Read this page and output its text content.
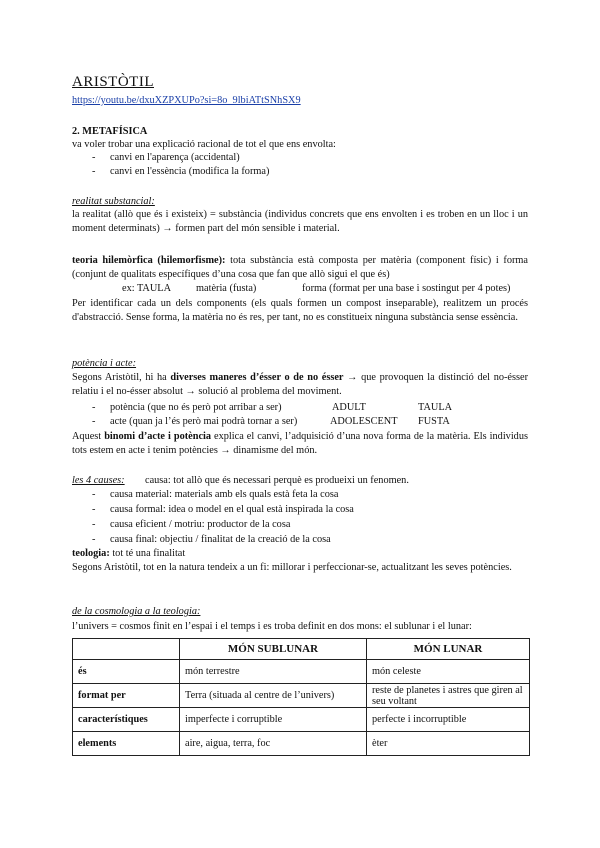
ARISTÒTIL
https://youtu.be/dxuXZPXUPo?si=8o_9lbiATtSNhSX9
2. METAFÍSICA
va voler trobar una explicació racional de tot el que ens envolta:
- canvi en l'aparença (accidental)
- canvi en l'essència (modifica la forma)
realitat substancial:
la realitat (allò que és i existeix) = substància (individus concrets que ens envolten i es troben en un lloc i un moment determinats) → formen part del món sensible i material.
teoria hilemòrfica (hilemorfisme): tota substància està composta per matèria (component físic) i forma (conjunt de qualitats específiques d’una cosa que fan que allò sigui el que és)
ex: TAULA matèria (fusta)	forma (format per una base i sostingut per 4 potes)
Per identificar cada un dels components (els quals formen un compost inseparable), realitzem un procés d'abstracció. Sense forma, la matèria no és res, per tant, no es constitueix ninguna substància sense essència.
potència i acte:
Segons Aristòtil, hi ha diverses maneres d’ésser o de no ésser → que provoquen la distinció del no-ésser relatiu i el no-ésser absolut → solució al problema del moviment.
- potència (que no és però pot arribar a ser)	ADULT	TAULA
- acte (quan ja l’és però mai podrà tornar a ser)	ADOLESCENT FUSTA
Aquest binomi d’acte i potència explica el canvi, l’adquisició d’una nova forma de la matèria. Els individus tots estem en acte i tenim potències → dinamisme del món.
les 4 causes: causa: tot allò que és necessari perquè es produeixi un fenomen.
- causa material: materials amb els quals està feta la cosa
- causa formal: idea o model en el qual està inspirada la cosa
- causa eficient / motriu: productor de la cosa
- causa final: objectiu / finalitat de la creació de la cosa
teologia: tot té una finalitat
Segons Aristòtil, tot en la natura tendeix a un fi: millorar i perfeccionar-se, actualitzant les seves potències.
de la cosmologia a la teologia:
l’univers = cosmos finit en l’espai i el temps i es troba definit en dos mons: el sublunar i el lunar:
	MÓN SUBLUNAR	MÓN LUNAR
és	món terrestre	món celeste
format per	Terra (situada al centre de l’univers)	reste de planetes i astres que giren al seu voltant
característiques	imperfecte i corruptible	perfecte i incorruptible
elements	aire, aigua, terra, foc	èter
